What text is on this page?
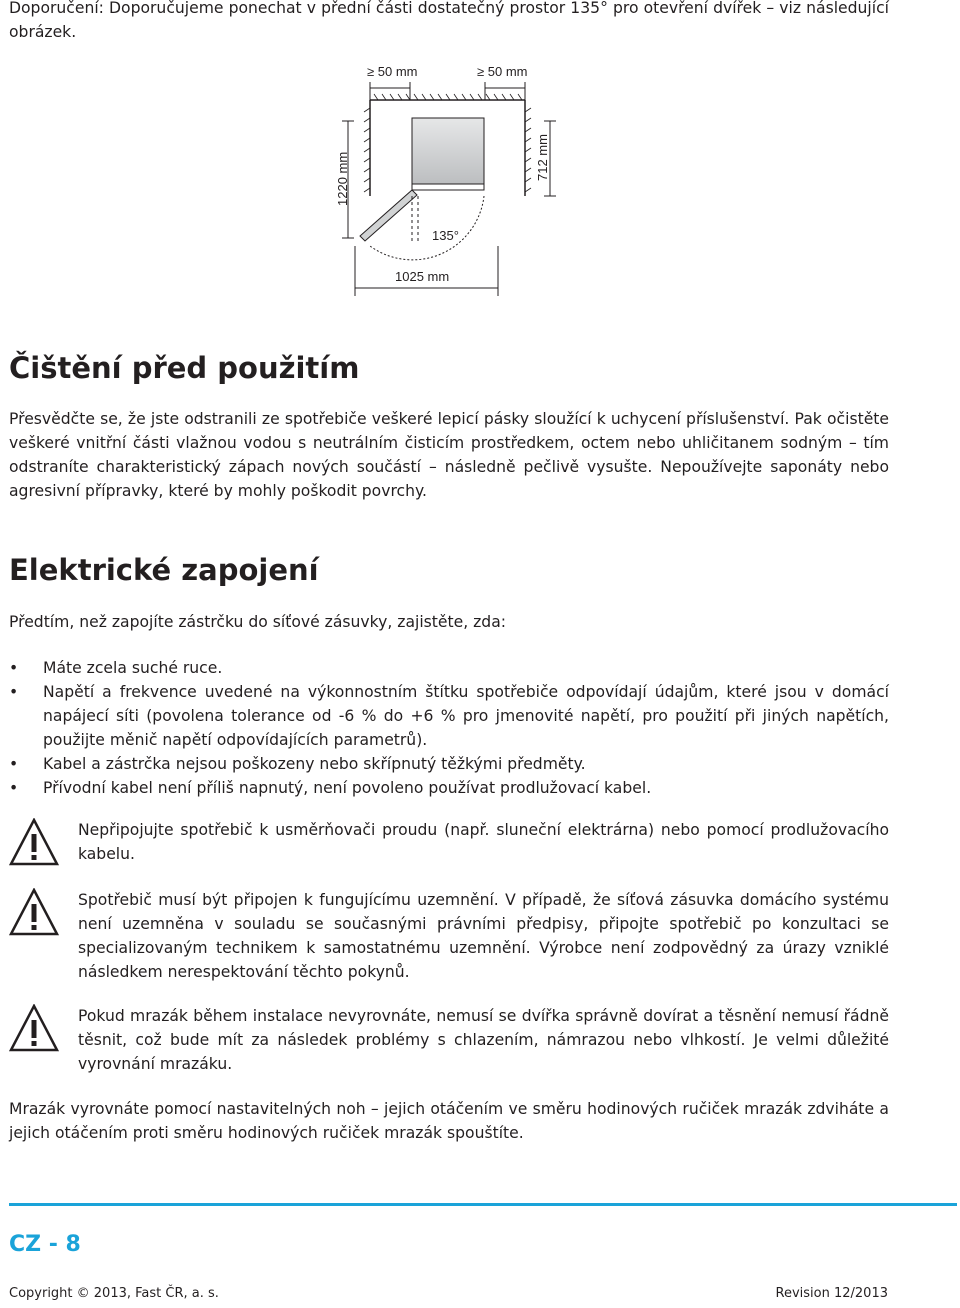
Doporučení: Doporučujeme ponechat v přední části dostatečný prostor 135° pro otevření dvířek – viz následující obrázek.

≥ 50 mm	≥ 50 mm
1220 mm	712 mm
135°
1025 mm
Čištění před použitím

Přesvědčte se, že jste odstranili ze spotřebiče veškeré lepicí pásky sloužící k uchycení příslušenství. Pak očistěte veškeré vnitřní části vlažnou vodou s neutrálním čisticím prostředkem, octem nebo uhličitanem sodným – tím odstraníte charakteristický zápach nových součástí – následně pečlivě vysušte. Nepoužívejte saponáty nebo agresivní přípravky, které by mohly poškodit povrchy.

Elektrické zapojení

Předtím, než zapojíte zástrčku do síťové zásuvky, zajistěte, zda:

• Máte zcela suché ruce.
• Napětí a frekvence uvedené na výkonnostním štítku spotřebiče odpovídají údajům, které jsou v domácí napájecí síti (povolena tolerance od -6 % do +6 % pro jmenovité napětí, pro použití při jiných napětích, použijte měnič napětí odpovídajících parametrů).
• Kabel a zástrčka nejsou poškozeny nebo skřípnutý těžkými předměty.
• Přívodní kabel není příliš napnutý, není povoleno používat prodlužovací kabel.

Nepřipojujte spotřebič k usměrňovači proudu (např. sluneční elektrárna) nebo pomocí prodlužovacího kabelu.

Spotřebič musí být připojen k fungujícímu uzemnění. V případě, že síťová zásuvka domácího systému není uzemněna v souladu se současnými právními předpisy, připojte spotřebič po konzultaci se specializovaným technikem k samostatnému uzemnění. Výrobce není zodpovědný za úrazy vzniklé následkem nerespektování těchto pokynů.

Pokud mrazák během instalace nevyrovnáte, nemusí se dvířka správně dovírat a těsnění nemusí řádně těsnit, což bude mít za následek problémy s chlazením, námrazou nebo vlhkostí. Je velmi důležité vyrovnání mrazáku.

Mrazák vyrovnáte pomocí nastavitelných noh – jejich otáčením ve směru hodinových ručiček mrazák zdviháte a jejich otáčením proti směru hodinových ručiček mrazák spouštíte.

CZ - 8

Copyright © 2013, Fast ČR, a. s.	Revision 12/2013
